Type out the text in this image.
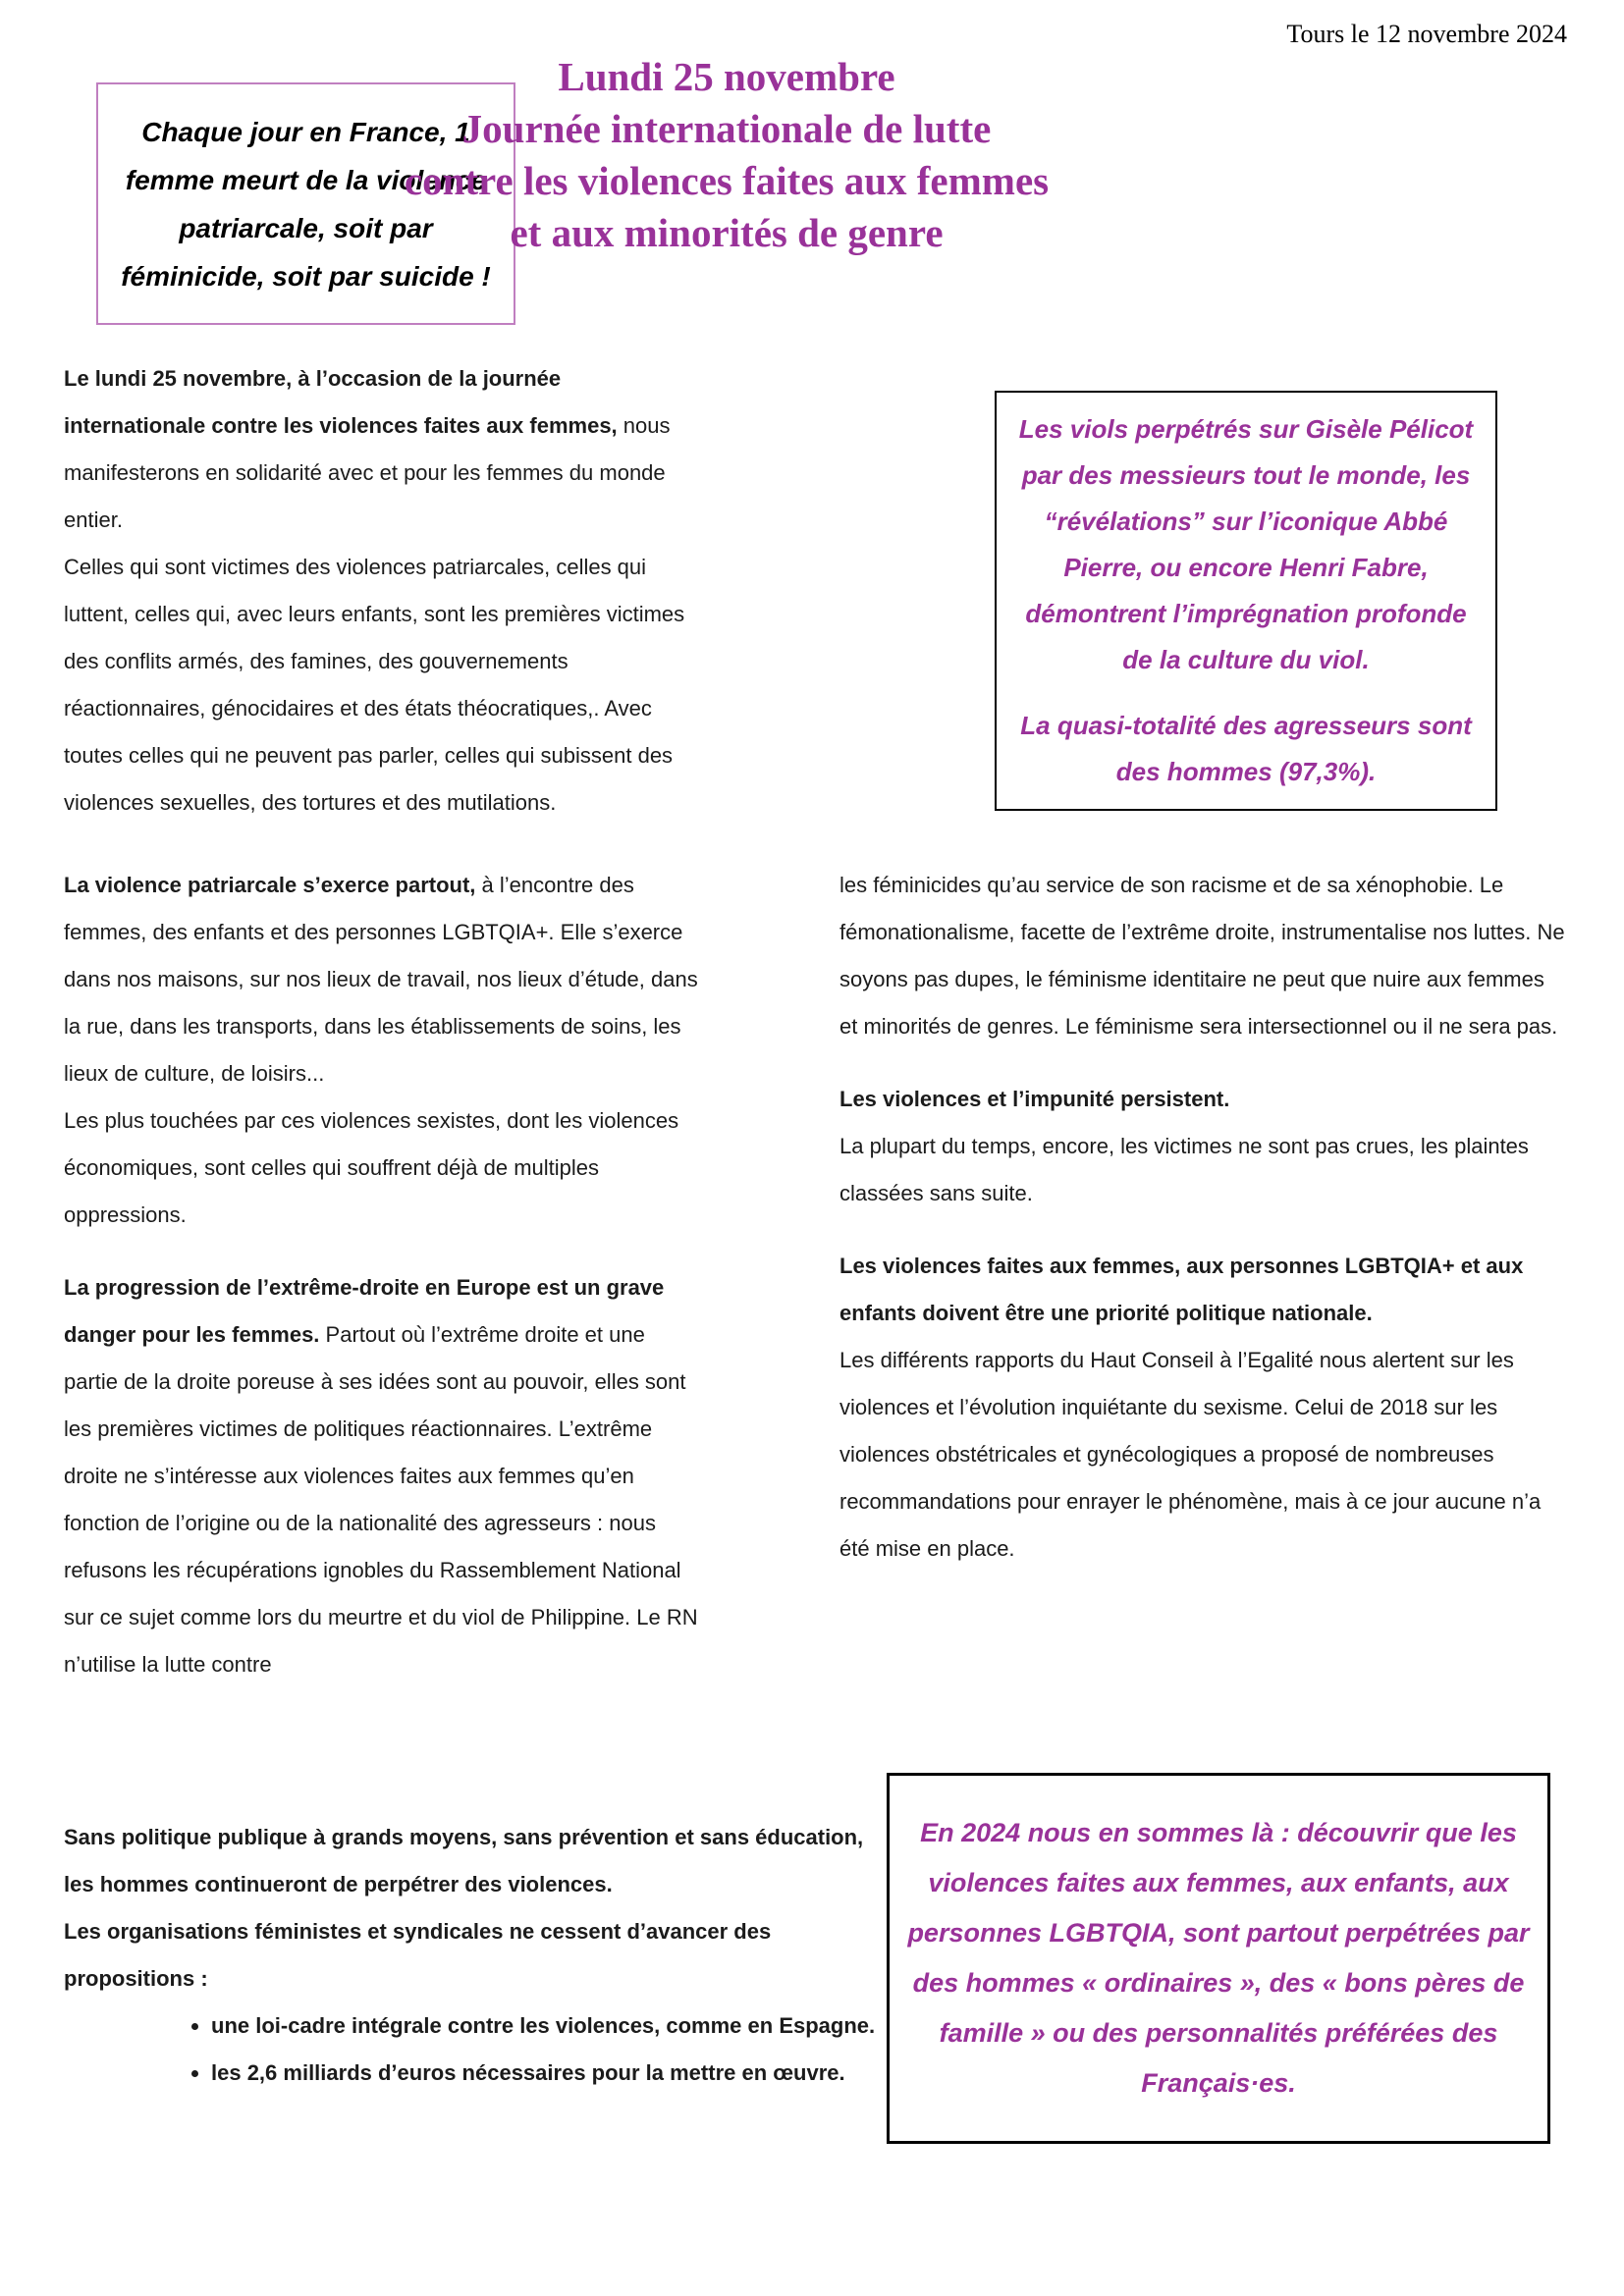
Tours le 12 novembre 2024

Chaque jour en France, 1 femme meurt de la violence patriarcale, soit par féminicide, soit par suicide !

Lundi 25 novembre
Journée internationale de lutte
contre les violences faites aux femmes
et aux minorités de genre

Le lundi 25 novembre, à l’occasion de la journée internationale contre les violences faites aux femmes, nous manifesterons en solidarité avec et pour les femmes du monde entier.

Celles qui sont victimes des violences patriarcales, celles qui luttent, celles qui, avec leurs enfants, sont les premières victimes des conflits armés, des famines, des gouvernements réactionnaires, génocidaires et des états théocratiques,. Avec toutes celles qui ne peuvent pas parler, celles qui subissent des violences sexuelles, des tortures et des mutilations.

Les viols perpétrés sur Gisèle Pélicot par des messieurs tout le monde, les “révélations” sur l’iconique Abbé Pierre, ou encore Henri Fabre, démontrent l’imprégnation profonde de la culture du viol.

La quasi-totalité des agresseurs sont des hommes (97,3%).

La violence patriarcale s’exerce partout, à l’encontre des femmes, des enfants et des personnes LGBTQIA+. Elle s’exerce dans nos maisons, sur nos lieux de travail, nos lieux d’étude, dans la rue, dans les transports, dans les établissements de soins, les lieux de culture, de loisirs...
Les plus touchées par ces violences sexistes, dont les violences économiques, sont celles qui souffrent déjà de multiples oppressions.

La progression de l’extrême-droite en Europe est un grave danger pour les femmes. Partout où l’extrême droite et une partie de la droite poreuse à ses idées sont au pouvoir, elles sont les premières victimes de politiques réactionnaires. L’extrême droite ne s’intéresse aux violences faites aux femmes qu’en fonction de l’origine ou de la nationalité des agresseurs : nous refusons les récupérations ignobles du Rassemblement National sur ce sujet comme lors du meurtre et du viol de Philippine. Le RN n’utilise la lutte contre

les féminicides qu’au service de son racisme et de sa xénophobie. Le fémonationalisme, facette de l’extrême droite, instrumentalise nos luttes. Ne soyons pas dupes, le féminisme identitaire ne peut que nuire aux femmes et minorités de genres. Le féminisme sera intersectionnel ou il ne sera pas.

Les violences et l’impunité persistent.
La plupart du temps, encore, les victimes ne sont pas crues, les plaintes classées sans suite.

Les violences faites aux femmes, aux personnes LGBTQIA+ et aux enfants doivent être une priorité politique nationale.
Les différents rapports du Haut Conseil à l’Egalité nous alertent sur les violences et l’évolution inquiétante du sexisme. Celui de 2018 sur les violences obstétricales et gynécologiques a proposé de nombreuses recommandations pour enrayer le phénomène, mais à ce jour aucune n’a été mise en place.

Sans politique publique à grands moyens, sans prévention et sans éducation, les hommes continueront de perpétrer des violences.

Les organisations féministes et syndicales ne cessent d’avancer des propositions :

• une loi-cadre intégrale contre les violences, comme en Espagne.
• les 2,6 milliards d’euros nécessaires pour la mettre en œuvre.

En 2024 nous en sommes là : découvrir que les violences faites aux femmes, aux enfants, aux personnes LGBTQIA, sont partout perpétrées par des hommes « ordinaires », des « bons pères de famille » ou des personnalités préférées des Français·es.
